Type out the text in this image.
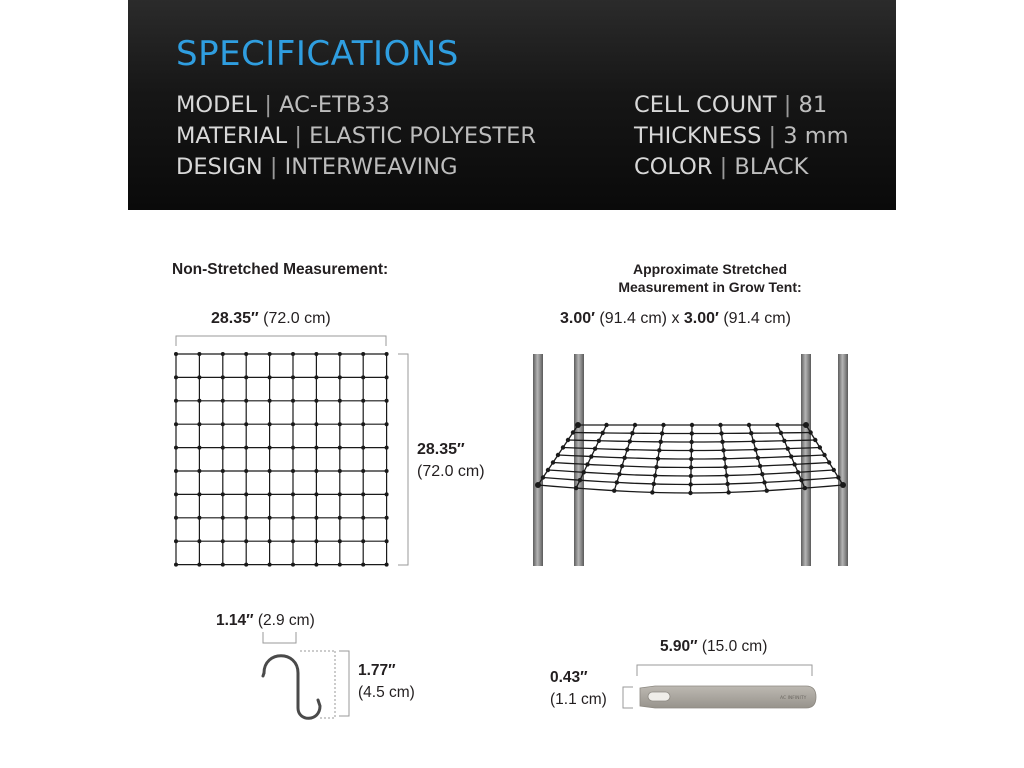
SPECIFICATIONS
MODEL | AC-ETB33
MATERIAL | ELASTIC POLYESTER
DESIGN | INTERWEAVING
CELL COUNT | 81
THICKNESS | 3 mm
COLOR | BLACK
AC INFINITY
Non-Stretched Measurement:
28.35″ (72.0 cm)
28.35″
(72.0 cm)
Approximate Stretched
Measurement in Grow Tent:
3.00′ (91.4 cm) x 3.00′ (91.4 cm)
1.14″ (2.9 cm)
1.77″
(4.5 cm)
5.90″ (15.0 cm)
0.43″
(1.1 cm)
